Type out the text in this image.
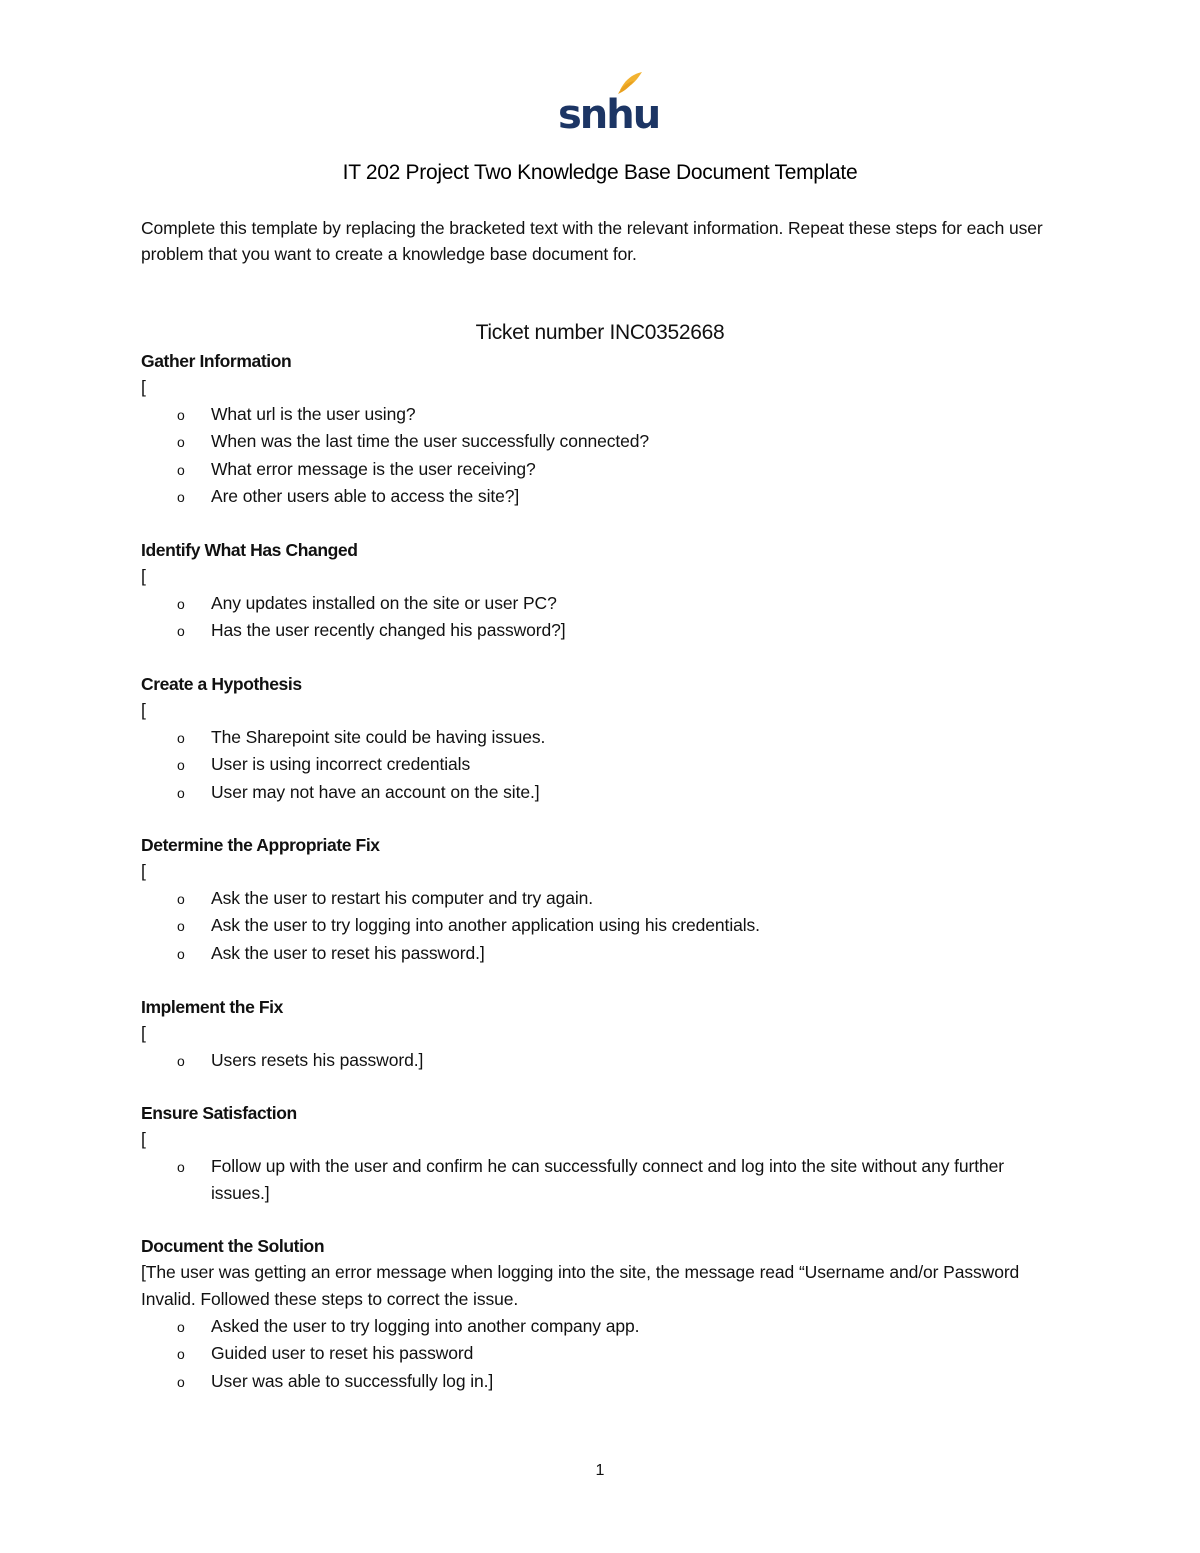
snhu
IT 202 Project Two Knowledge Base Document Template
Complete this template by replacing the bracketed text with the relevant information. Repeat these steps for each user problem that you want to create a knowledge base document for.
Ticket number INC0352668
Gather Information
[
o What url is the user using?
o When was the last time the user successfully connected?
o What error message is the user receiving?
o Are other users able to access the site?]
Identify What Has Changed
[
o Any updates installed on the site or user PC?
o Has the user recently changed his password?]
Create a Hypothesis
[
o The Sharepoint site could be having issues.
o User is using incorrect credentials
o User may not have an account on the site.]
Determine the Appropriate Fix
[
o Ask the user to restart his computer and try again.
o Ask the user to try logging into another application using his credentials.
o Ask the user to reset his password.]
Implement the Fix
[
o Users resets his password.]
Ensure Satisfaction
[
o Follow up with the user and confirm he can successfully connect and log into the site without any further issues.]
Document the Solution
[The user was getting an error message when logging into the site, the message read “Username and/or Password Invalid. Followed these steps to correct the issue.
o Asked the user to try logging into another company app.
o Guided user to reset his password
o User was able to successfully log in.]
1
